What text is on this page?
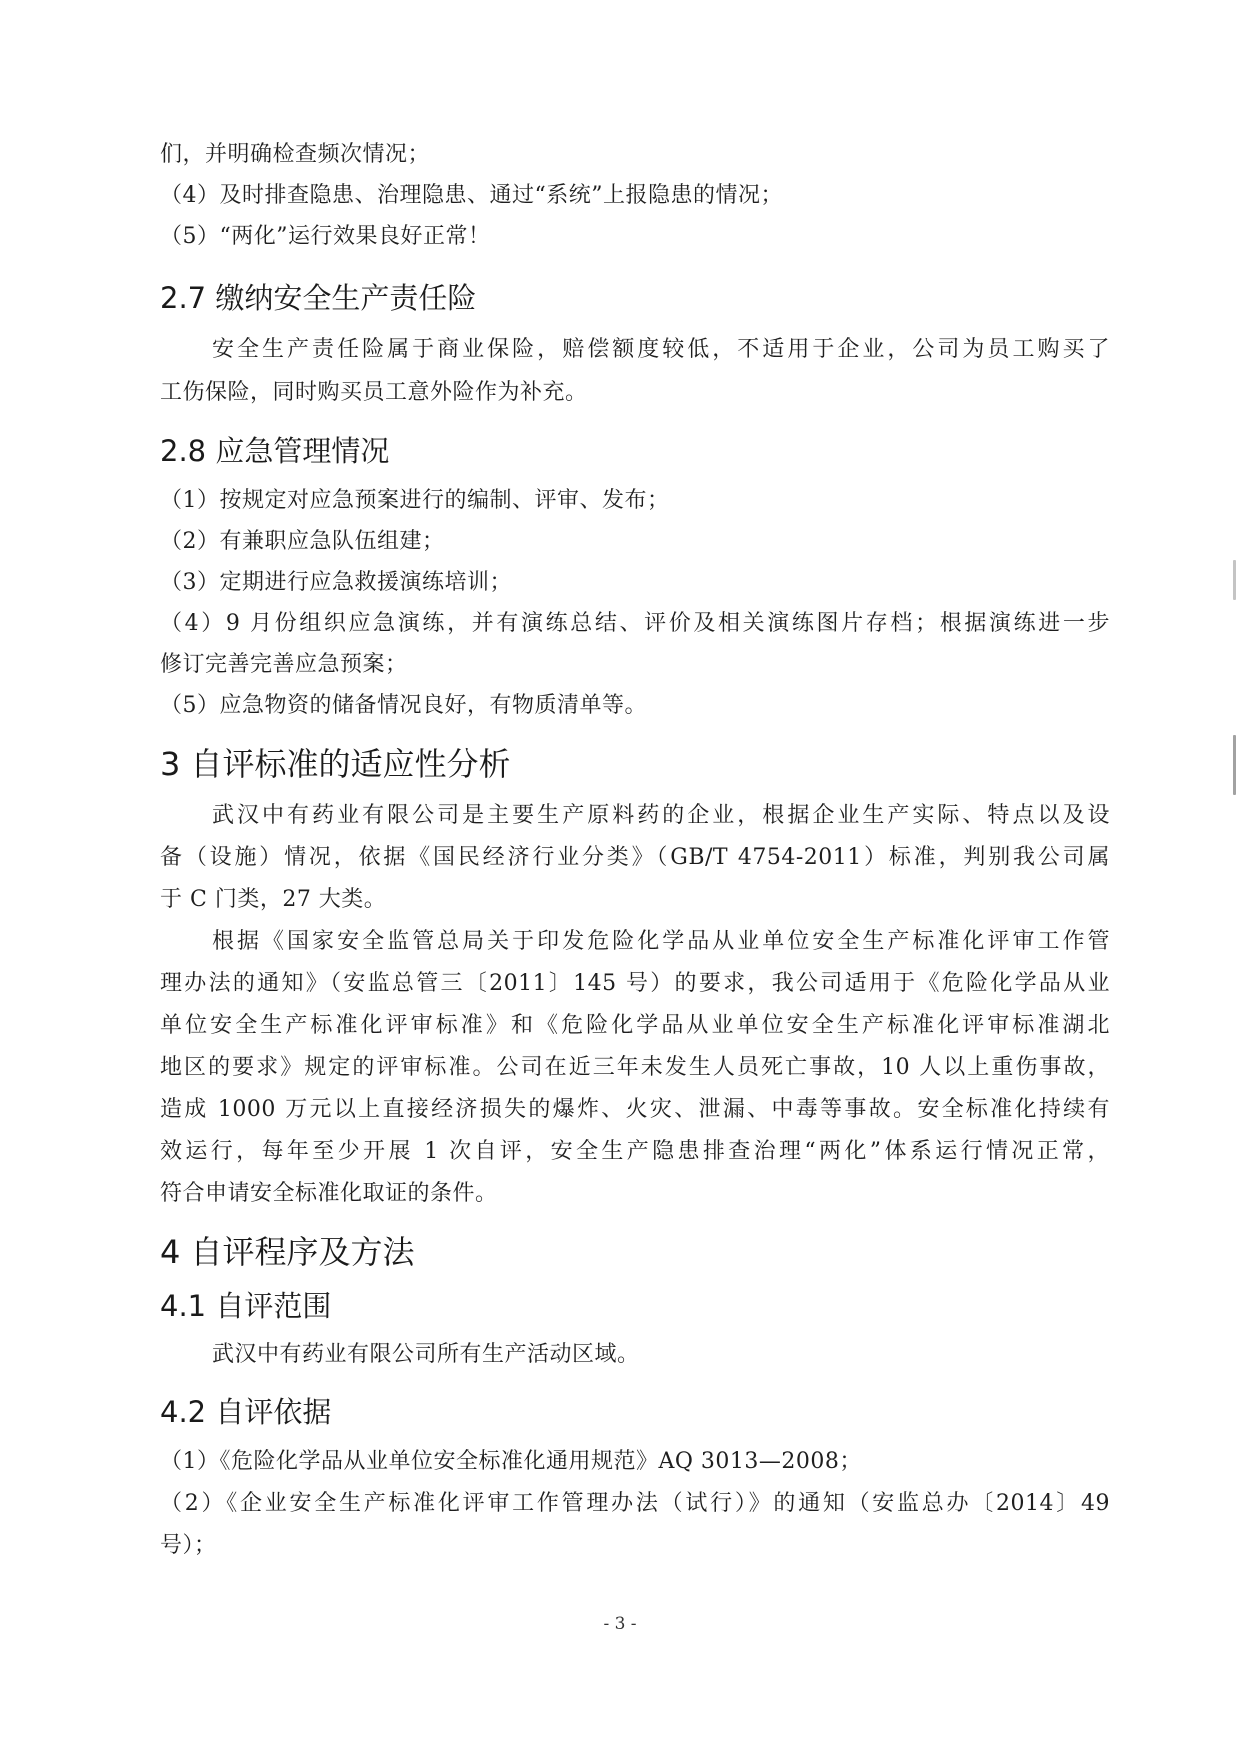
们，并明确检查频次情况；
（4）及时排查隐患、治理隐患、通过“系统”上报隐患的情况；
（5）“两化”运行效果良好正常！
2.7 缴纳安全生产责任险
安全生产责任险属于商业保险，赔偿额度较低，不适用于企业，公司为员工购买了
工伤保险，同时购买员工意外险作为补充。
2.8 应急管理情况
（1）按规定对应急预案进行的编制、评审、发布；
（2）有兼职应急队伍组建；
（3）定期进行应急救援演练培训；
（4）9 月份组织应急演练，并有演练总结、评价及相关演练图片存档；根据演练进一步
修订完善完善应急预案；
（5）应急物资的储备情况良好，有物质清单等。
3 自评标准的适应性分析
武汉中有药业有限公司是主要生产原料药的企业，根据企业生产实际、特点以及设
备（设施）情况，依据《国民经济行业分类》（GB/T 4754-2011）标准，判别我公司属
于 C 门类，27 大类。
根据《国家安全监管总局关于印发危险化学品从业单位安全生产标准化评审工作管
理办法的通知》（安监总管三〔2011〕145 号）的要求，我公司适用于《危险化学品从业
单位安全生产标准化评审标准》和《危险化学品从业单位安全生产标准化评审标准湖北
地区的要求》规定的评审标准。公司在近三年未发生人员死亡事故，10 人以上重伤事故，
造成 1000 万元以上直接经济损失的爆炸、火灾、泄漏、中毒等事故。安全标准化持续有
效运行，每年至少开展 1 次自评，安全生产隐患排查治理“两化”体系运行情况正常，
符合申请安全标准化取证的条件。
4 自评程序及方法
4.1 自评范围
武汉中有药业有限公司所有生产活动区域。
4.2 自评依据
（1）《危险化学品从业单位安全标准化通用规范》AQ 3013—2008；
（2）《企业安全生产标准化评审工作管理办法（试行）》的通知（安监总办〔2014〕49
号）；
- 3 -
